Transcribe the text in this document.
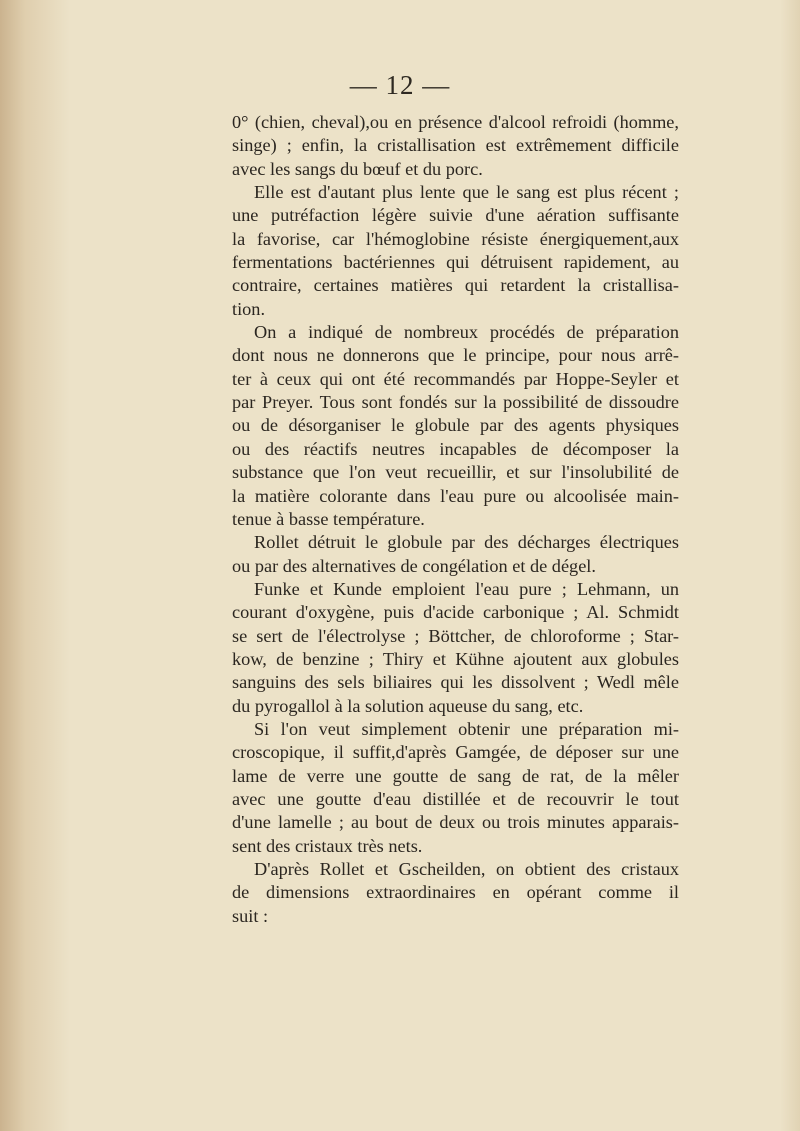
— 12 —
0° (chien, cheval),ou en présence d'alcool refroidi (homme,
singe) ; enfin, la cristallisation est extrêmement difficile
avec les sangs du bœuf et du porc.
Elle est d'autant plus lente que le sang est plus récent ;
une putréfaction légère suivie d'une aération suffisante
la favorise, car l'hémoglobine résiste énergiquement,aux
fermentations bactériennes qui détruisent rapidement, au
contraire, certaines matières qui retardent la cristallisa-
tion.
On a indiqué de nombreux procédés de préparation
dont nous ne donnerons que le principe, pour nous arrê-
ter à ceux qui ont été recommandés par Hoppe-Seyler et
par Preyer. Tous sont fondés sur la possibilité de dissoudre
ou de désorganiser le globule par des agents physiques
ou des réactifs neutres incapables de décomposer la
substance que l'on veut recueillir, et sur l'insolubilité de
la matière colorante dans l'eau pure ou alcoolisée main-
tenue à basse température.
Rollet détruit le globule par des décharges électriques
ou par des alternatives de congélation et de dégel.
Funke et Kunde emploient l'eau pure ; Lehmann, un
courant d'oxygène, puis d'acide carbonique ; Al. Schmidt
se sert de l'électrolyse ; Böttcher, de chloroforme ; Star-
kow, de benzine ; Thiry et Kühne ajoutent aux globules
sanguins des sels biliaires qui les dissolvent ; Wedl mêle
du pyrogallol à la solution aqueuse du sang, etc.
Si l'on veut simplement obtenir une préparation mi-
croscopique, il suffit,d'après Gamgée, de déposer sur une
lame de verre une goutte de sang de rat, de la mêler
avec une goutte d'eau distillée et de recouvrir le tout
d'une lamelle ; au bout de deux ou trois minutes apparais-
sent des cristaux très nets.
D'après Rollet et Gscheilden, on obtient des cristaux
de dimensions extraordinaires en opérant comme il
suit :
